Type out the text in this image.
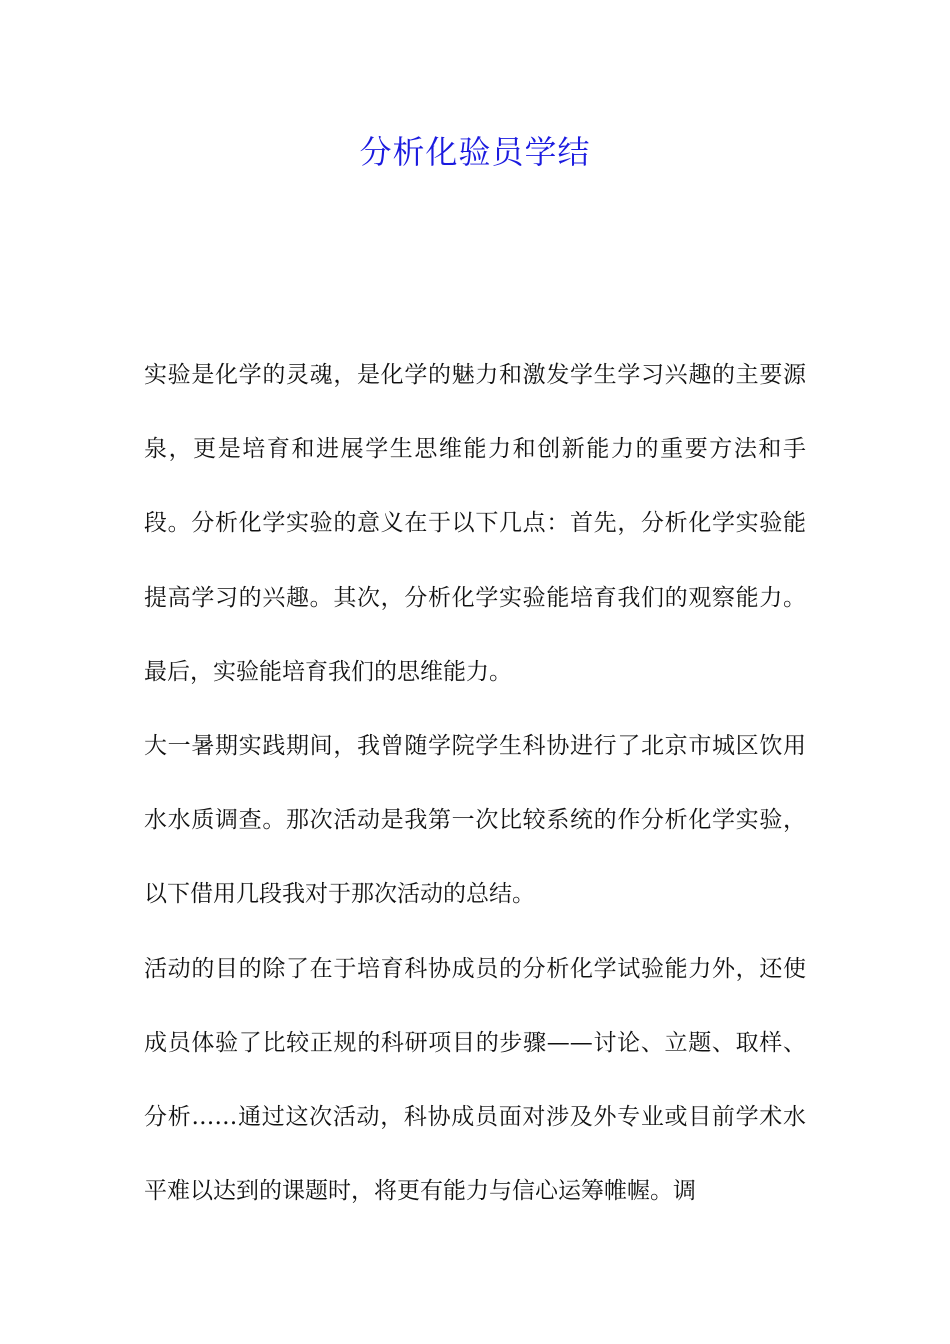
分析化验员学结

实验是化学的灵魂，是化学的魅力和激发学生学习兴趣的主要源泉，更是培育和进展学生思维能力和创新能力的重要方法和手段。分析化学实验的意义在于以下几点：首先，分析化学实验能提高学习的兴趣。其次，分析化学实验能培育我们的观察能力。最后，实验能培育我们的思维能力。

大一暑期实践期间，我曾随学院学生科协进行了北京市城区饮用水水质调查。那次活动是我第一次比较系统的作分析化学实验，以下借用几段我对于那次活动的总结。

活动的目的除了在于培育科协成员的分析化学试验能力外，还使成员体验了比较正规的科研项目的步骤——讨论、立题、取样、分析……通过这次活动，科协成员面对涉及外专业或目前学术水平难以达到的课题时，将更有能力与信心运筹帷幄。调
